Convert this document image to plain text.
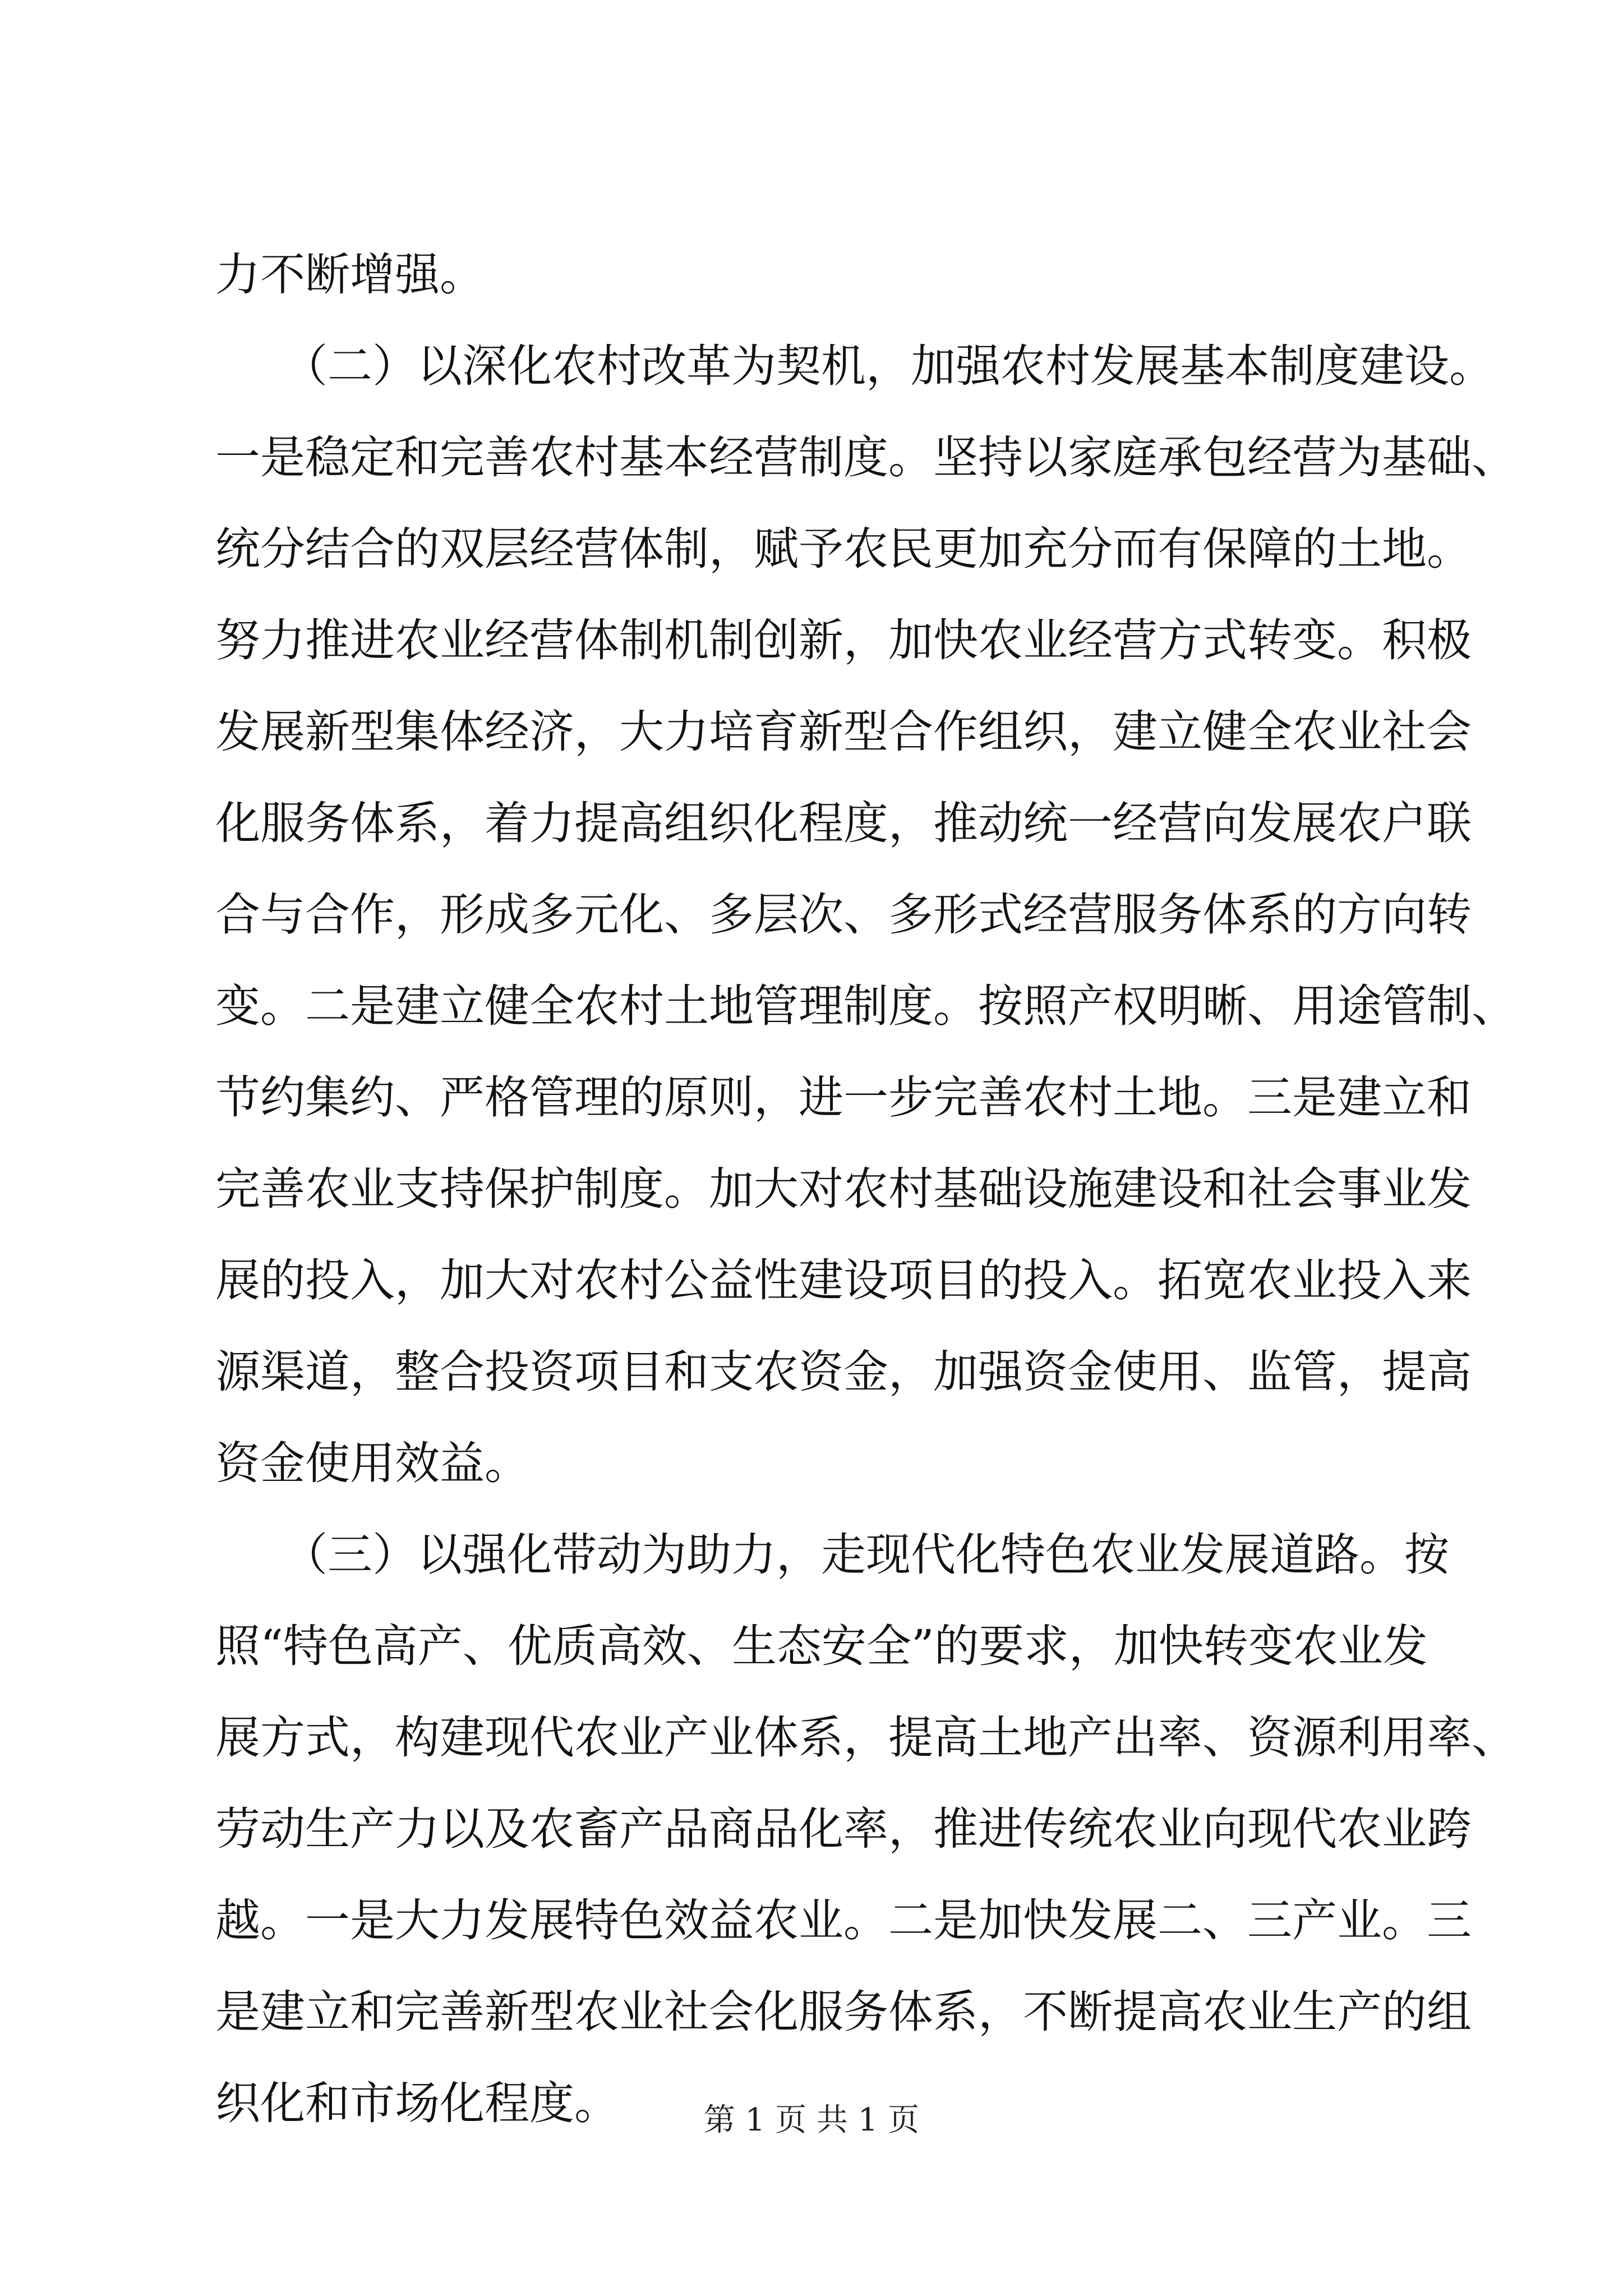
力不断增强。
　　（二）以深化农村改革为契机，加强农村发展基本制度建设。
一是稳定和完善农村基本经营制度。坚持以家庭承包经营为基础、
统分结合的双层经营体制，赋予农民更加充分而有保障的土地。
努力推进农业经营体制机制创新，加快农业经营方式转变。积极
发展新型集体经济，大力培育新型合作组织，建立健全农业社会
化服务体系，着力提高组织化程度，推动统一经营向发展农户联
合与合作，形成多元化、多层次、多形式经营服务体系的方向转
变。二是建立健全农村土地管理制度。按照产权明晰、用途管制、
节约集约、严格管理的原则，进一步完善农村土地。三是建立和
完善农业支持保护制度。加大对农村基础设施建设和社会事业发
展的投入，加大对农村公益性建设项目的投入。拓宽农业投入来
源渠道，整合投资项目和支农资金，加强资金使用、监管，提高
资金使用效益。
　　（三）以强化带动为助力，走现代化特色农业发展道路。按
照“特色高产、优质高效、生态安全”的要求，加快转变农业发
展方式，构建现代农业产业体系，提高土地产出率、资源利用率、
劳动生产力以及农畜产品商品化率，推进传统农业向现代农业跨
越。一是大力发展特色效益农业。二是加快发展二、三产业。三
是建立和完善新型农业社会化服务体系，不断提高农业生产的组
织化和市场化程度。	第 1 页 共 1 页
